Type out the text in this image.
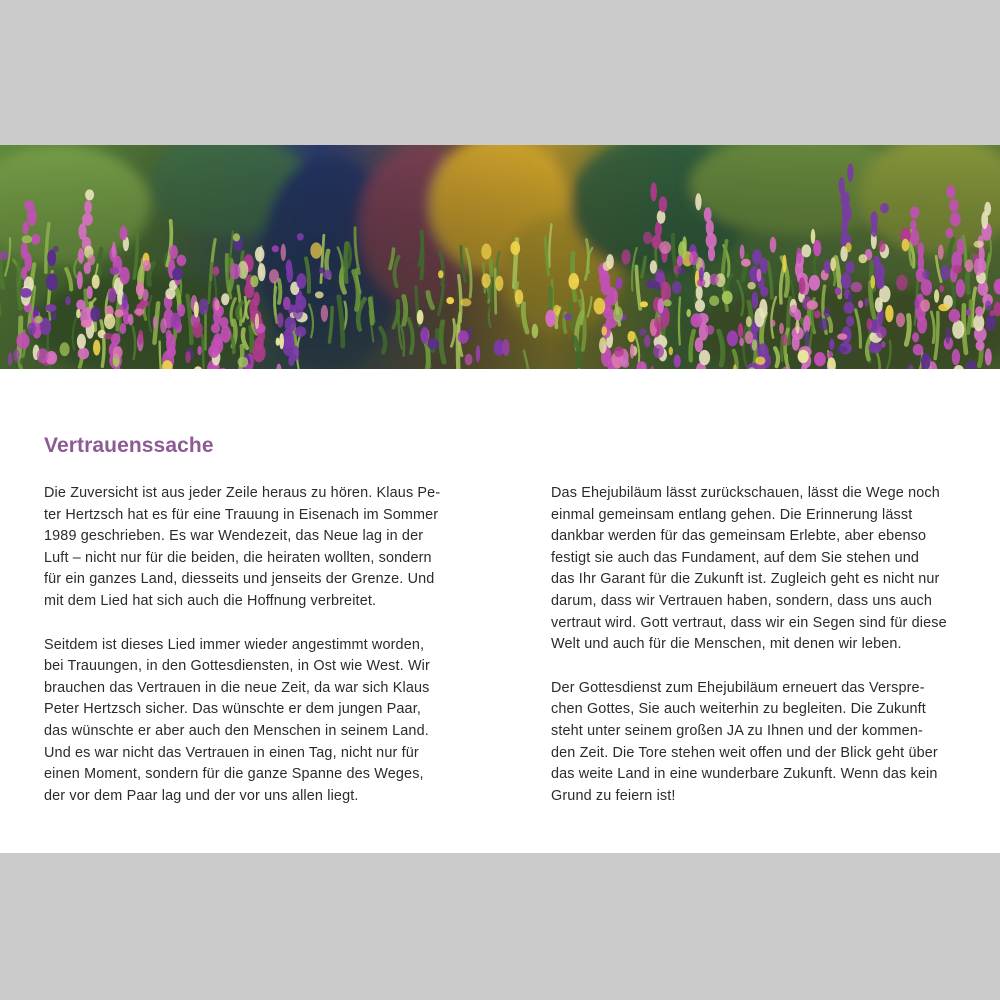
Vertrauenssache

Die Zuversicht ist aus jeder Zeile heraus zu hören. Klaus Pe-
ter Hertzsch hat es für eine Trauung in Eisenach im Sommer
1989 geschrieben. Es war Wendezeit, das Neue lag in der
Luft – nicht nur für die beiden, die heiraten wollten, sondern
für ein ganzes Land, diesseits und jenseits der Grenze. Und
mit dem Lied hat sich auch die Hoffnung verbreitet.

Seitdem ist dieses Lied immer wieder angestimmt worden,
bei Trauungen, in den Gottesdiensten, in Ost wie West. Wir
brauchen das Vertrauen in die neue Zeit, da war sich Klaus
Peter Hertzsch sicher. Das wünschte er dem jungen Paar,
das wünschte er aber auch den Menschen in seinem Land.
Und es war nicht das Vertrauen in einen Tag, nicht nur für
einen Moment, sondern für die ganze Spanne des Weges,
der vor dem Paar lag und der vor uns allen liegt.

Das Ehejubiläum lässt zurückschauen, lässt die Wege noch
einmal gemeinsam entlang gehen. Die Erinnerung lässt
dankbar werden für das gemeinsam Erlebte, aber ebenso
festigt sie auch das Fundament, auf dem Sie stehen und
das Ihr Garant für die Zukunft ist. Zugleich geht es nicht nur
darum, dass wir Vertrauen haben, sondern, dass uns auch
vertraut wird. Gott vertraut, dass wir ein Segen sind für diese
Welt und auch für die Menschen, mit denen wir leben.

Der Gottesdienst zum Ehejubiläum erneuert das Verspre-
chen Gottes, Sie auch weiterhin zu begleiten. Die Zukunft
steht unter seinem großen JA zu Ihnen und der kommen-
den Zeit. Die Tore stehen weit offen und der Blick geht über
das weite Land in eine wunderbare Zukunft. Wenn das kein
Grund zu feiern ist!
